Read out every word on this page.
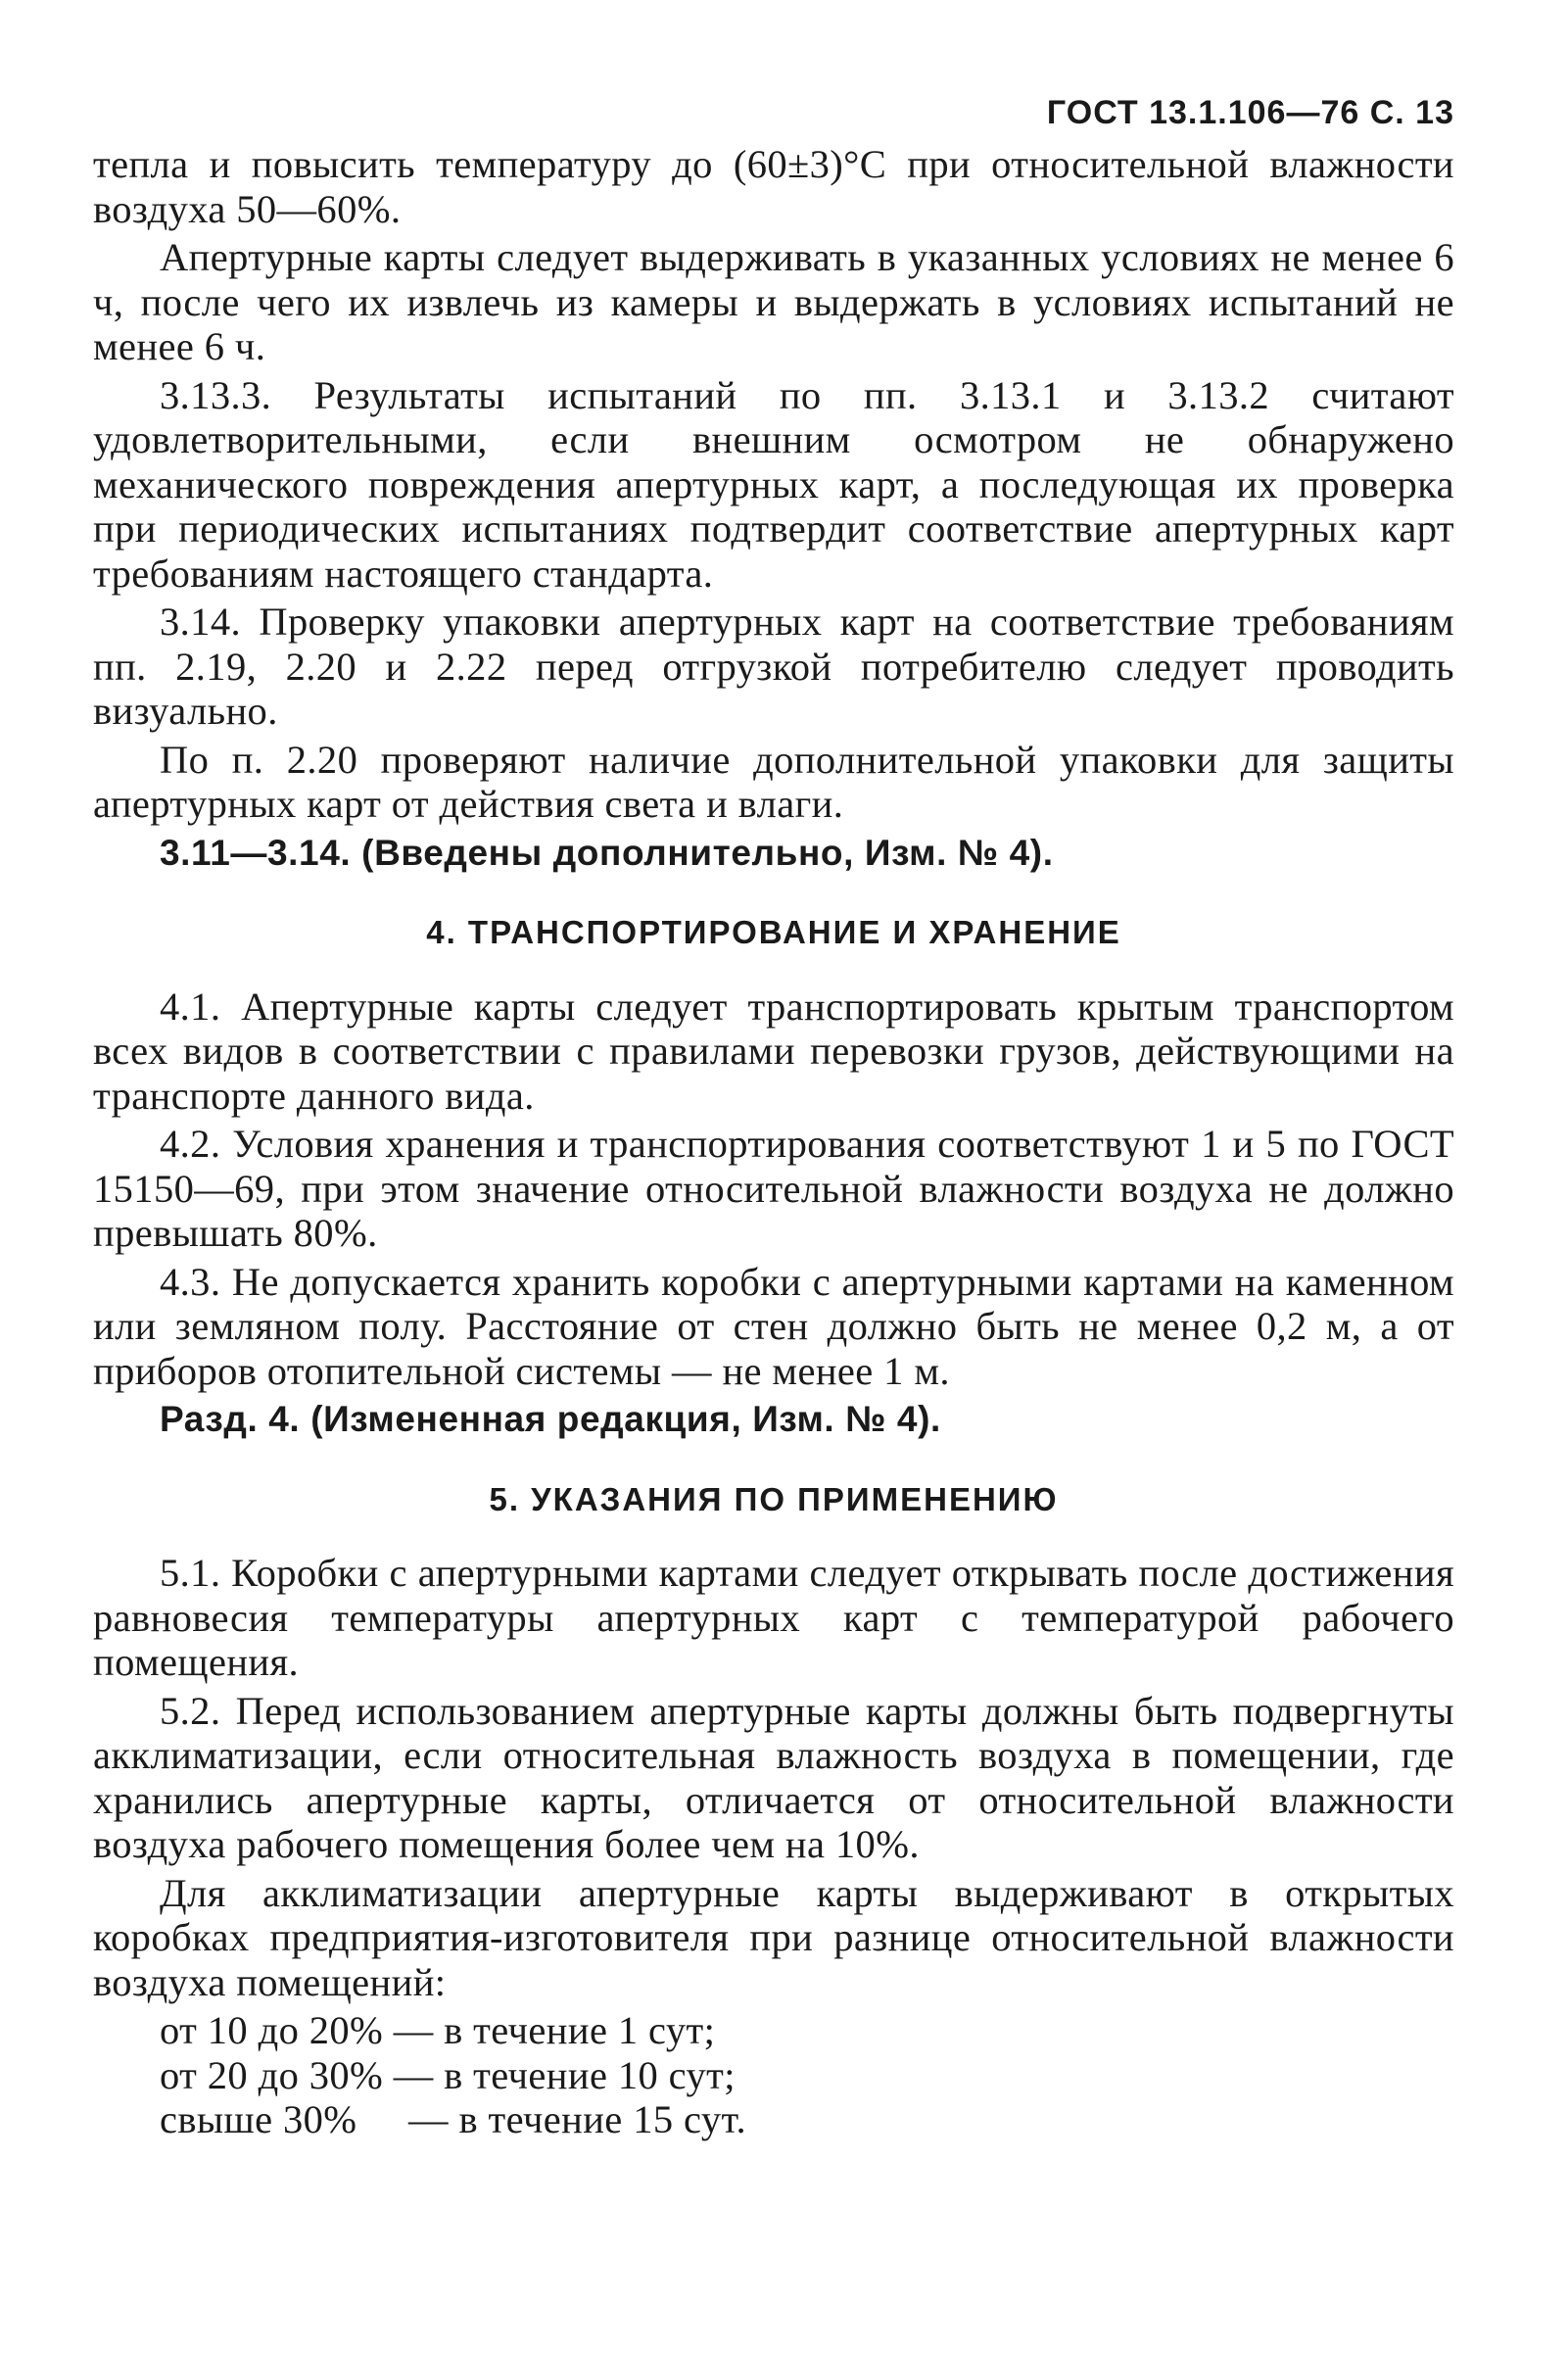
ГОСТ 13.1.106—76 С. 13
тепла и повысить температуру до (60±3)°С при относительной влажности воздуха 50—60%.
Апертурные карты следует выдерживать в указанных условиях не менее 6 ч, после чего их извлечь из камеры и выдержать в условиях испытаний не менее 6 ч.
3.13.3. Результаты испытаний по пп. 3.13.1 и 3.13.2 считают удовлетворительными, если внешним осмотром не обнаружено механического повреждения апертурных карт, а последующая их проверка при периодических испытаниях подтвердит соответствие апертурных карт требованиям настоящего стандарта.
3.14. Проверку упаковки апертурных карт на соответствие требованиям пп. 2.19, 2.20 и 2.22 перед отгрузкой потребителю следует проводить визуально.
По п. 2.20 проверяют наличие дополнительной упаковки для защиты апертурных карт от действия света и влаги.
3.11—3.14. (Введены дополнительно, Изм. № 4).
4. ТРАНСПОРТИРОВАНИЕ И ХРАНЕНИЕ
4.1. Апертурные карты следует транспортировать крытым транспортом всех видов в соответствии с правилами перевозки грузов, действующими на транспорте данного вида.
4.2. Условия хранения и транспортирования соответствуют 1 и 5 по ГОСТ 15150—69, при этом значение относительной влажности воздуха не должно превышать 80%.
4.3. Не допускается хранить коробки с апертурными картами на каменном или земляном полу. Расстояние от стен должно быть не менее 0,2 м, а от приборов отопительной системы — не менее 1 м.
Разд. 4. (Измененная редакция, Изм. № 4).
5. УКАЗАНИЯ ПО ПРИМЕНЕНИЮ
5.1. Коробки с апертурными картами следует открывать после достижения равновесия температуры апертурных карт с температурой рабочего помещения.
5.2. Перед использованием апертурные карты должны быть подвергнуты акклиматизации, если относительная влажность воздуха в помещении, где хранились апертурные карты, отличается от относительной влажности воздуха рабочего помещения более чем на 10%.
Для акклиматизации апертурные карты выдерживают в открытых коробках предприятия-изготовителя при разнице относительной влажности воздуха помещений:
от 10 до 20% — в течение 1 сут;
от 20 до 30% — в течение 10 сут;
свыше 30%     — в течение 15 сут.
